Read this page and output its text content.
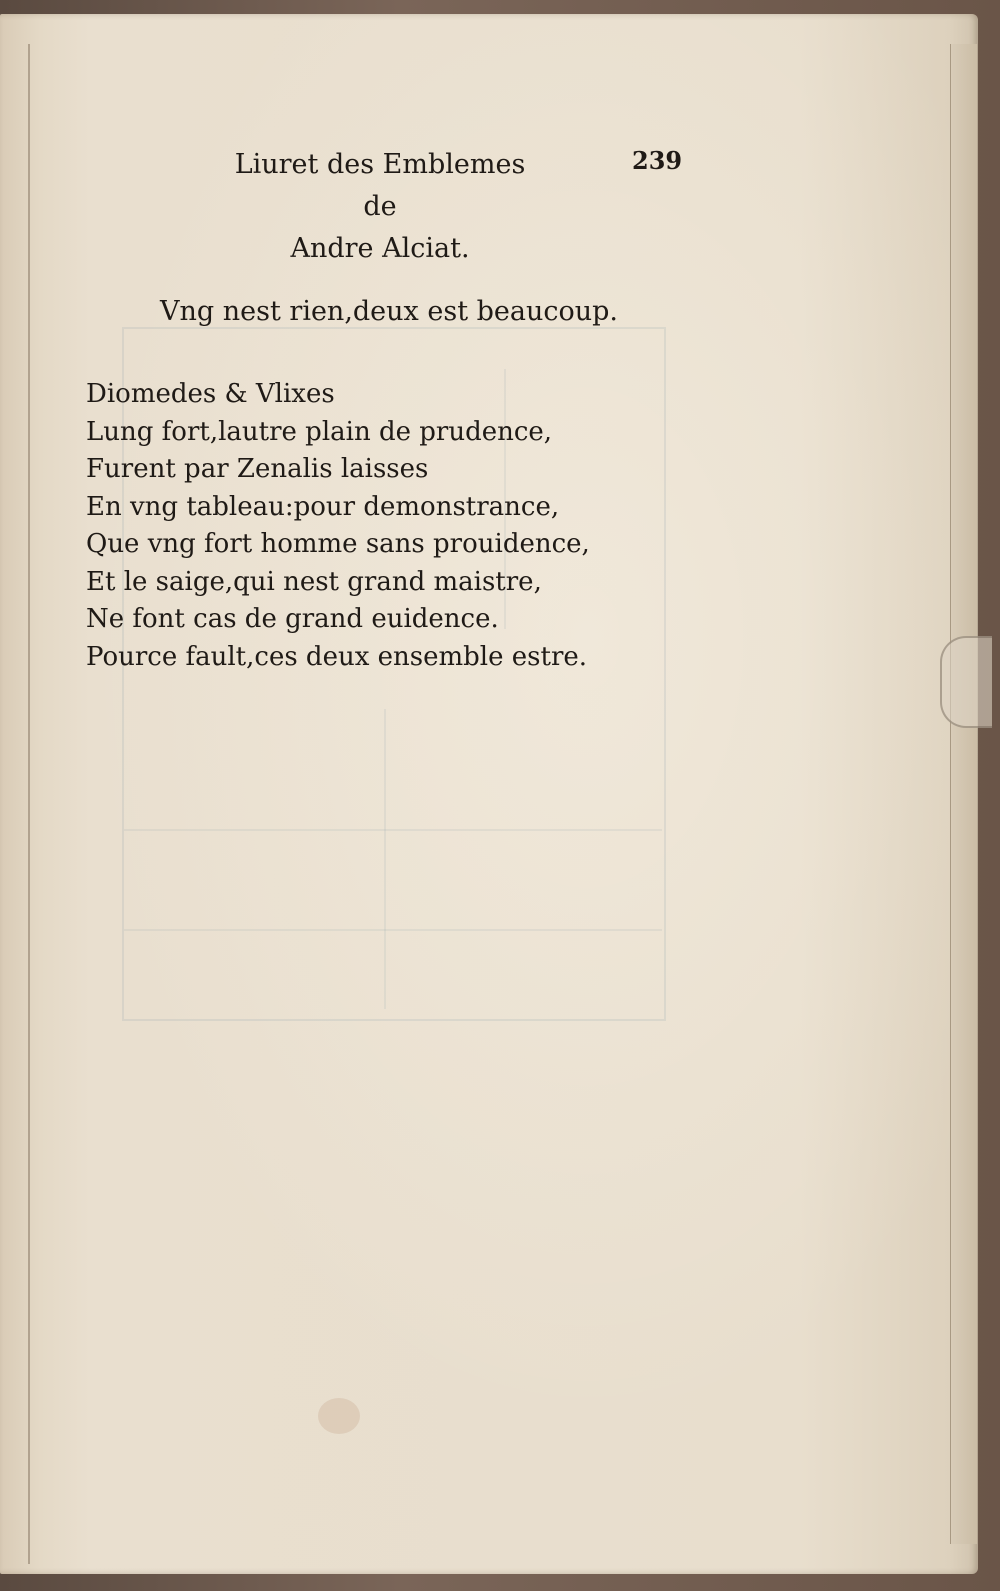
Liuret des Emblemes de
Andre Alciat.
239
Vng nest rien,deux est beaucoup.
Diomedes & Vlixes
Lung fort,lautre plain de prudence,
Furent par Zenalis laisses
En vng tableau:pour demonstrance,
Que vng fort homme sans prouidence,
Et le saige,qui nest grand maistre,
Ne font cas de grand euidence.
Pource fault,ces deux ensemble estre.
